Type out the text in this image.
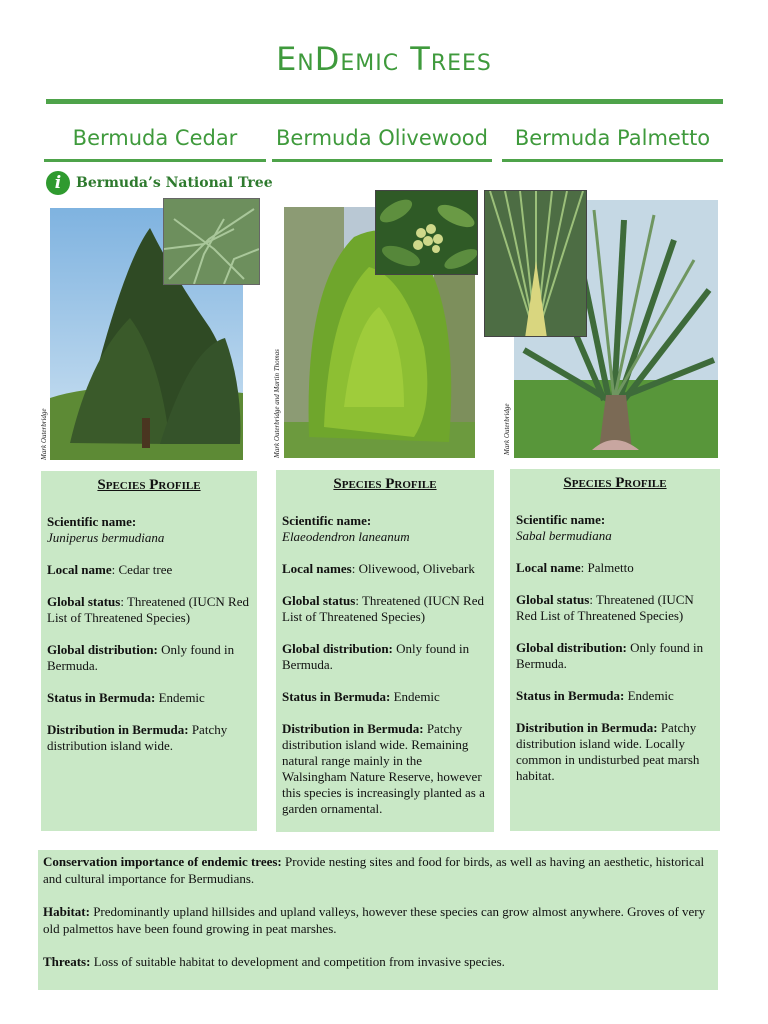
EnDemic Trees
Bermuda Cedar	Bermuda Olivewood	Bermuda Palmetto
i	Bermuda’s National Tree
Mark Outerbridge	Mark Outerbridge and Martin Thomas	Mark Outerbridge
Species Profile

Scientific name:
Juniperus bermudiana

Local name: Cedar tree

Global status: Threatened (IUCN Red List of Threatened Species)

Global distribution: Only found in Bermuda.

Status in Bermuda: Endemic

Distribution in Bermuda: Patchy distribution island wide.

Species Profile

Scientific name:
Elaeodendron laneanum

Local names: Olivewood, Olivebark

Global status: Threatened (IUCN Red List of Threatened Species)

Global distribution: Only found in Bermuda.

Status in Bermuda: Endemic

Distribution in Bermuda: Patchy distribution island wide. Remaining natural range mainly in the Walsingham Nature Reserve, however this species is increasingly planted as a garden ornamental.

Species Profile

Scientific name:
Sabal bermudiana

Local name: Palmetto

Global status: Threatened (IUCN Red List of Threatened Species)

Global distribution: Only found in Bermuda.

Status in Bermuda: Endemic

Distribution in Bermuda: Patchy distribution island wide. Locally common in undisturbed peat marsh habitat.

Conservation importance of endemic trees: Provide nesting sites and food for birds, as well as having an aesthetic, historical and cultural importance for Bermudians.

Habitat: Predominantly upland hillsides and upland valleys, however these species can grow almost anywhere. Groves of very old palmettos have been found growing in peat marshes.

Threats: Loss of suitable habitat to development and competition from invasive species.
